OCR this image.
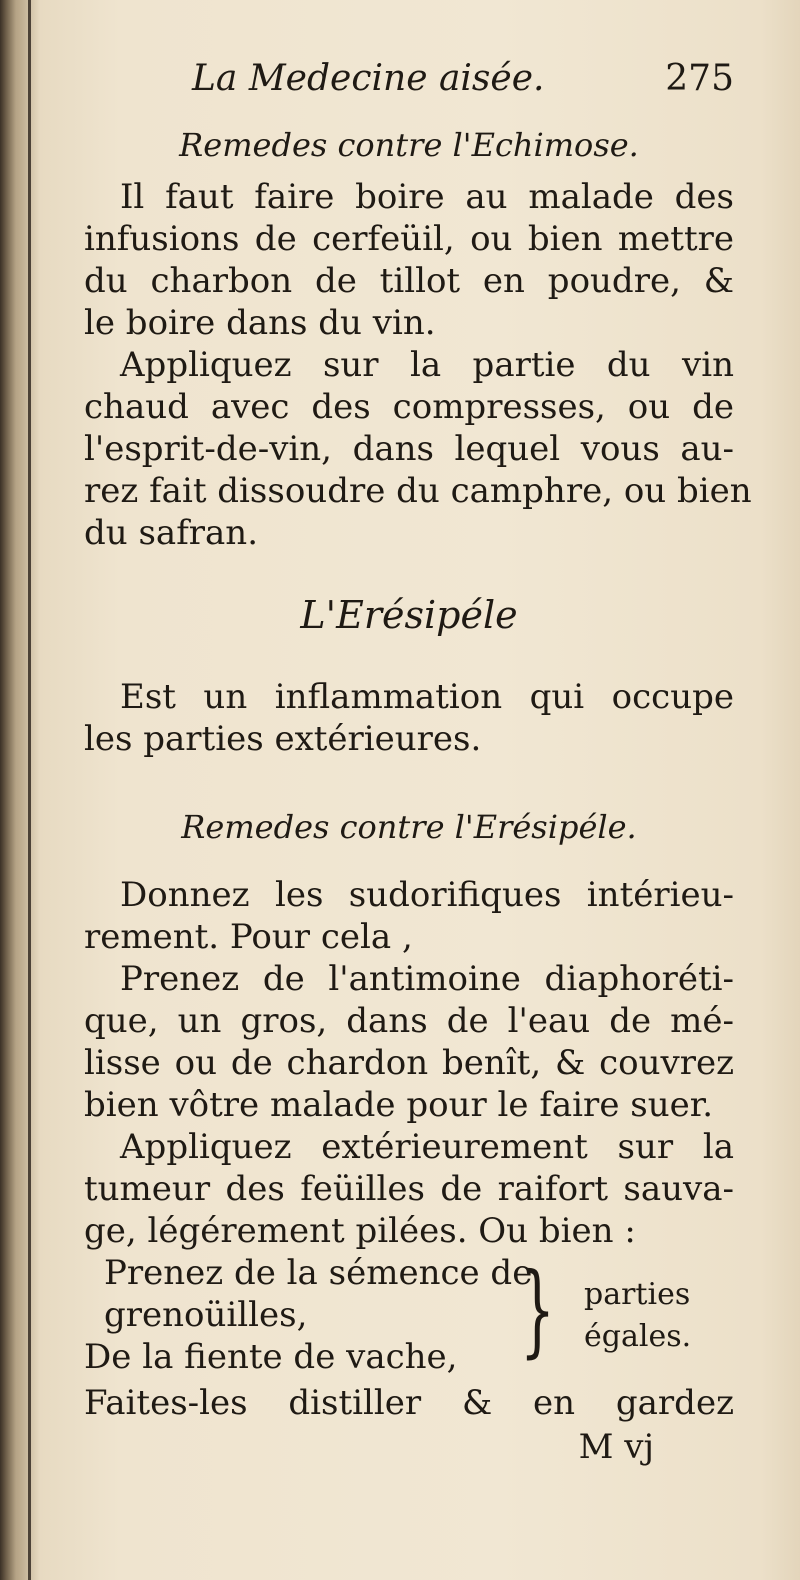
La Medecine aisée.	275
Remedes contre l'Echimose.
Il faut faire boire au malade des
infusions de cerfeüil, ou bien mettre
du charbon de tillot en poudre, &
le boire dans du vin.
Appliquez sur la partie du vin
chaud avec des compresses, ou de
l'esprit-de-vin, dans lequel vous au-
rez fait dissoudre du camphre, ou bien
du safran.
L'Erésipéle
Est un inflammation qui occupe
les parties extérieures.
Remedes contre l'Erésipéle.
Donnez les sudorifiques intérieu-
rement. Pour cela ,
Prenez de l'antimoine diaphoréti-
que, un gros, dans de l'eau de mé-
lisse ou de chardon benît, & couvrez
bien vôtre malade pour le faire suer.
Appliquez extérieurement sur la
tumeur des feüilles de raifort sauva-
ge, légérement pilées. Ou bien :
Prenez de la sémence de
grenoüilles,
De la fiente de vache, } parties
égales.
Faites-les distiller & en gardez
M vj
